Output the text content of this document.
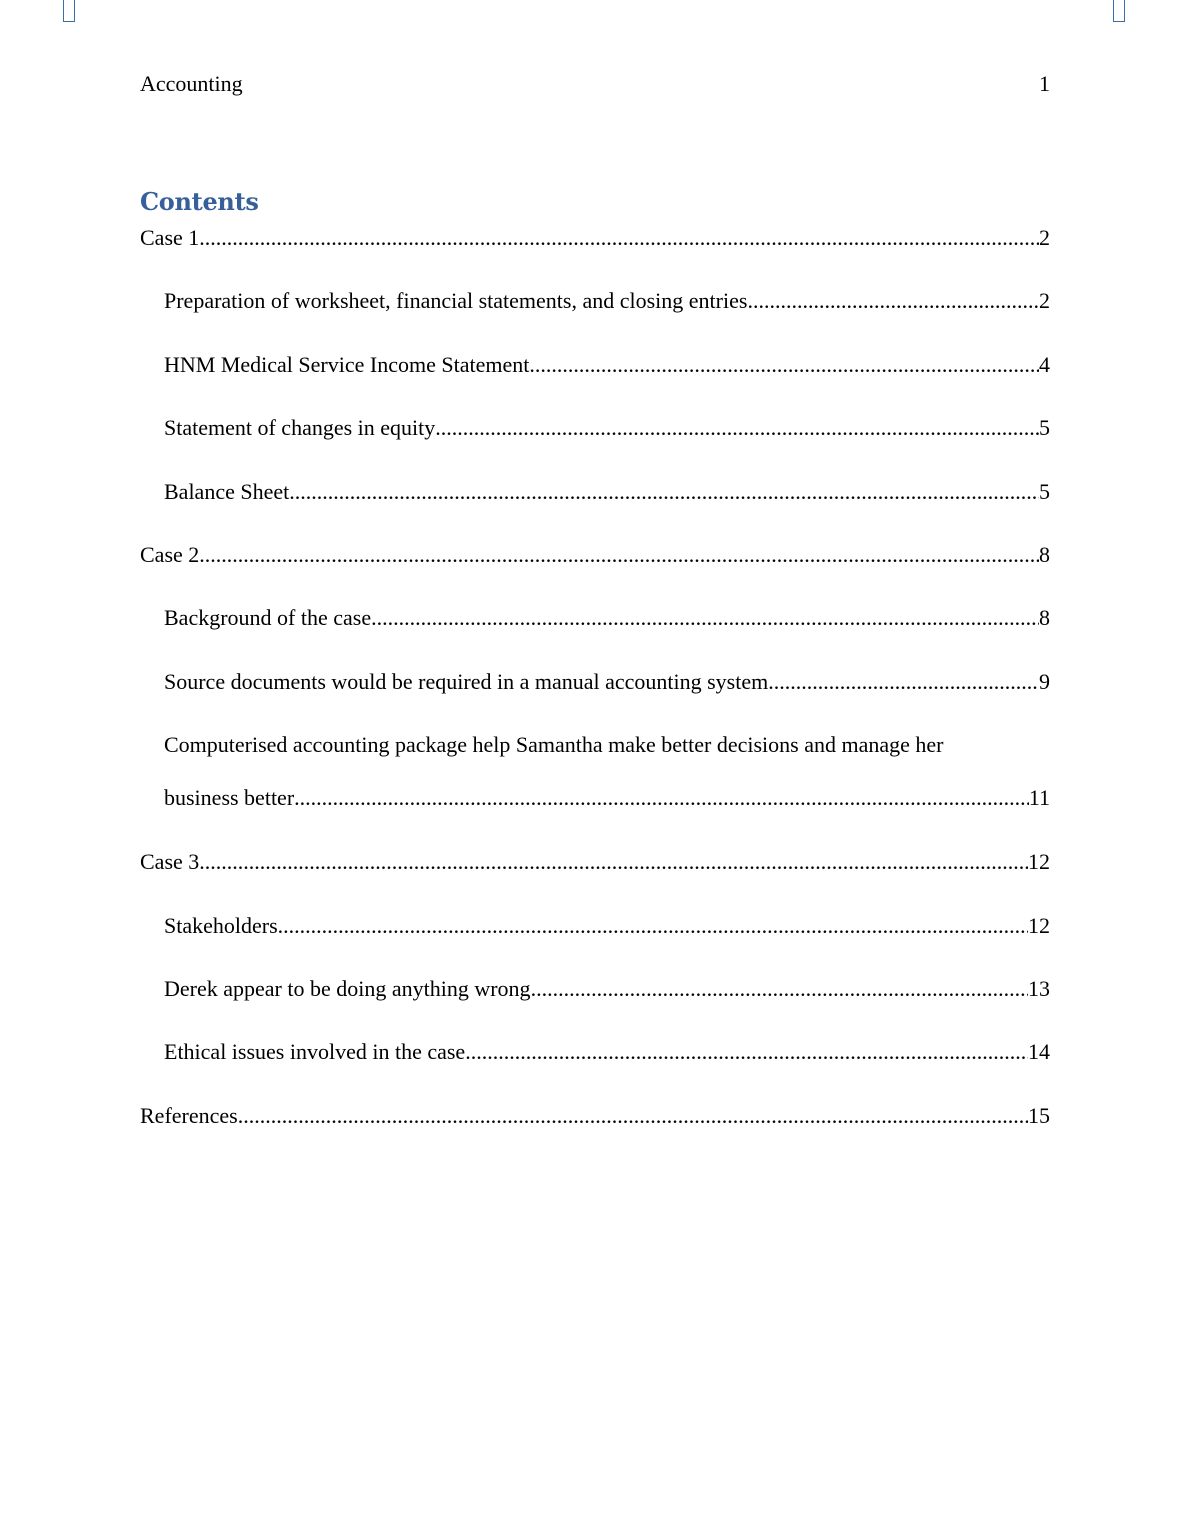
Accounting	1
Contents
Case 1 .....	2
Preparation of worksheet, financial statements, and closing entries .....	2
HNM Medical Service Income Statement .....	4
Statement of changes in equity .....	5
Balance Sheet .....	5
Case 2 .....	8
Background of the case .....	8
Source documents would be required in a manual accounting system .....	9
Computerised accounting package help Samantha make better decisions and manage her
business better .....	11
Case 3 .....	12
Stakeholders .....	12
Derek appear to be doing anything wrong .....	13
Ethical issues involved in the case .....	14
References .....	15
